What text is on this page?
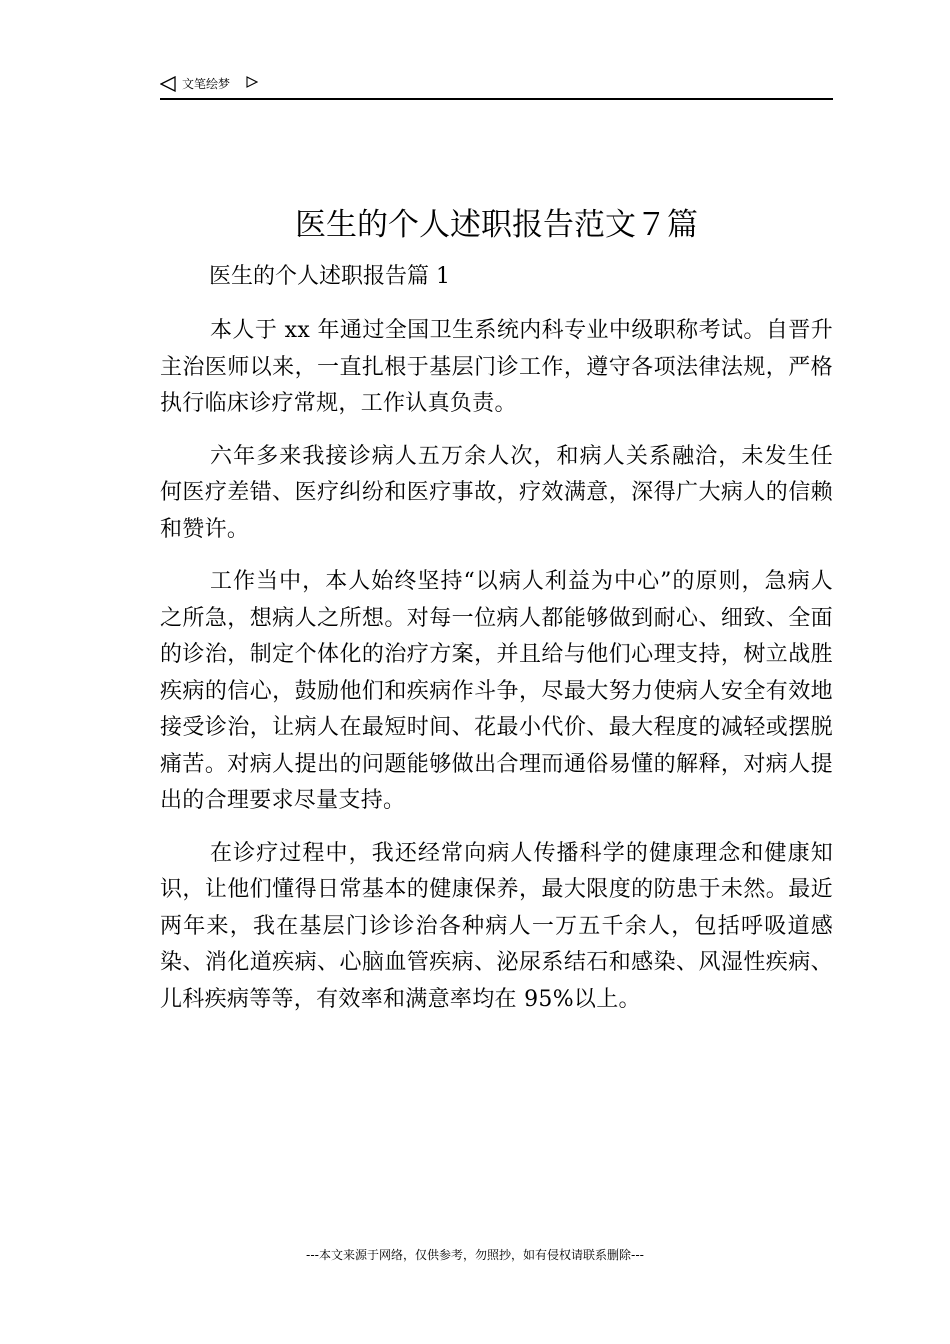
文笔绘梦
医生的个人述职报告范文７篇
医生的个人述职报告篇 1

本人于 xx 年通过全国卫生系统内科专业中级职称考试。自晋升主治医师以来，一直扎根于基层门诊工作，遵守各项法律法规，严格执行临床诊疗常规，工作认真负责。

六年多来我接诊病人五万余人次，和病人关系融洽，未发生任何医疗差错、医疗纠纷和医疗事故，疗效满意，深得广大病人的信赖和赞许。

工作当中，本人始终坚持“以病人利益为中心”的原则，急病人之所急，想病人之所想。对每一位病人都能够做到耐心、细致、全面的诊治，制定个体化的治疗方案，并且给与他们心理支持，树立战胜疾病的信心，鼓励他们和疾病作斗争，尽最大努力使病人安全有效地接受诊治，让病人在最短时间、花最小代价、最大程度的减轻或摆脱痛苦。对病人提出的问题能够做出合理而通俗易懂的解释，对病人提出的合理要求尽量支持。

在诊疗过程中，我还经常向病人传播科学的健康理念和健康知识，让他们懂得日常基本的健康保养，最大限度的防患于未然。最近两年来，我在基层门诊诊治各种病人一万五千余人，包括呼吸道感染、消化道疾病、心脑血管疾病、泌尿系结石和感染、风湿性疾病、儿科疾病等等，有效率和满意率均在 95%以上。

---本文来源于网络，仅供参考，勿照抄，如有侵权请联系删除---
